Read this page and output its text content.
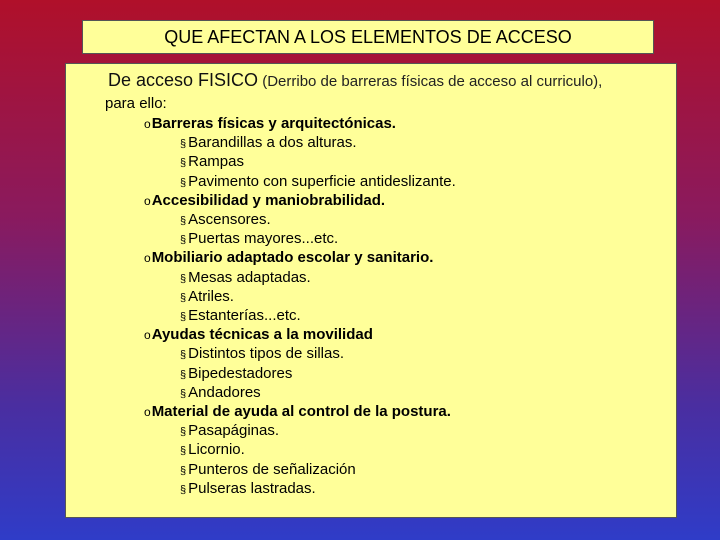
QUE AFECTAN A LOS ELEMENTOS DE ACCESO
De acceso FISICO (Derribo de barreras físicas de acceso al curriculo),
para ello:
oBarreras físicas y arquitectónicas.
§ Barandillas a dos alturas.
§ Rampas
§ Pavimento con superficie antideslizante.
oAccesibilidad y maniobrabilidad.
§ Ascensores.
§ Puertas mayores...etc.
oMobiliario adaptado escolar y sanitario.
§ Mesas adaptadas.
§ Atriles.
§ Estanterías...etc.
oAyudas técnicas a la movilidad
§ Distintos tipos de sillas.
§ Bipedestadores
§ Andadores
oMaterial de ayuda al control de la postura.
§ Pasapáginas.
§ Licornio.
§ Punteros de señalización
§ Pulseras lastradas.
